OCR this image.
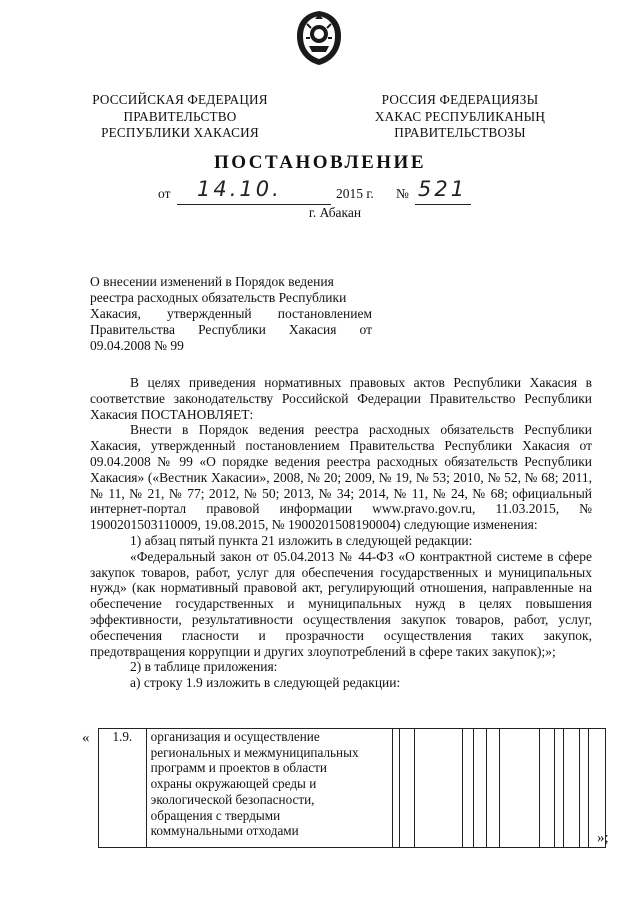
РОССИЙСКАЯ ФЕДЕРАЦИЯ
ПРАВИТЕЛЬСТВО
РЕСПУБЛИКИ ХАКАСИЯ
РОССИЯ ФЕДЕРАЦИЯЗЫ
ХАКАС РЕСПУБЛИКАНЫҢ
ПРАВИТЕЛЬСТВОЗЫ
ПОСТАНОВЛЕНИЕ
от 14.10.	2015 г. № 521
г. Абакан
О внесении изменений в Порядок ведения
реестра расходных обязательств Республики
Хакасия, утвержденный постановлением
Правительства Республики Хакасия от
09.04.2008 № 99

В целях приведения нормативных правовых актов Республики Хакасия в соответствие законодательству Российской Федерации Правительство Республики Хакасия ПОСТАНОВЛЯЕТ:

Внести в Порядок ведения реестра расходных обязательств Республики Хакасия, утвержденный постановлением Правительства Республики Хакасия от 09.04.2008 № 99 «О порядке ведения реестра расходных обязательств Республики Хакасия» («Вестник Хакасии», 2008, № 20; 2009, № 19, № 53; 2010, № 52, № 68; 2011, № 11, № 21, № 77; 2012, № 50; 2013, № 34; 2014, № 11, № 24, № 68; официальный интернет-портал правовой информации www.pravo.gov.ru, 11.03.2015, № 1900201503110009, 19.08.2015, № 1900201508190004) следующие изменения:

1) абзац пятый пункта 21 изложить в следующей редакции:

«Федеральный закон от 05.04.2013 № 44-ФЗ «О контрактной системе в сфере закупок товаров, работ, услуг для обеспечения государственных и муниципальных нужд» (как нормативный правовой акт, регулирующий отношения, направленные на обеспечение государственных и муниципальных нужд в целях повышения эффективности, результативности осуществления закупок товаров, работ, услуг, обеспечения гласности и прозрачности осуществления таких закупок, предотвращения коррупции и других злоупотреблений в сфере таких закупок);»;

2) в таблице приложения:

а) строку 1.9 изложить в следующей редакции:

« 1.9.	организация и осуществление
региональных и межмуниципальных
программ и проектов в области
охраны окружающей среды и
экологической безопасности,
обращения с твердыми
коммунальными отходами
													»;
